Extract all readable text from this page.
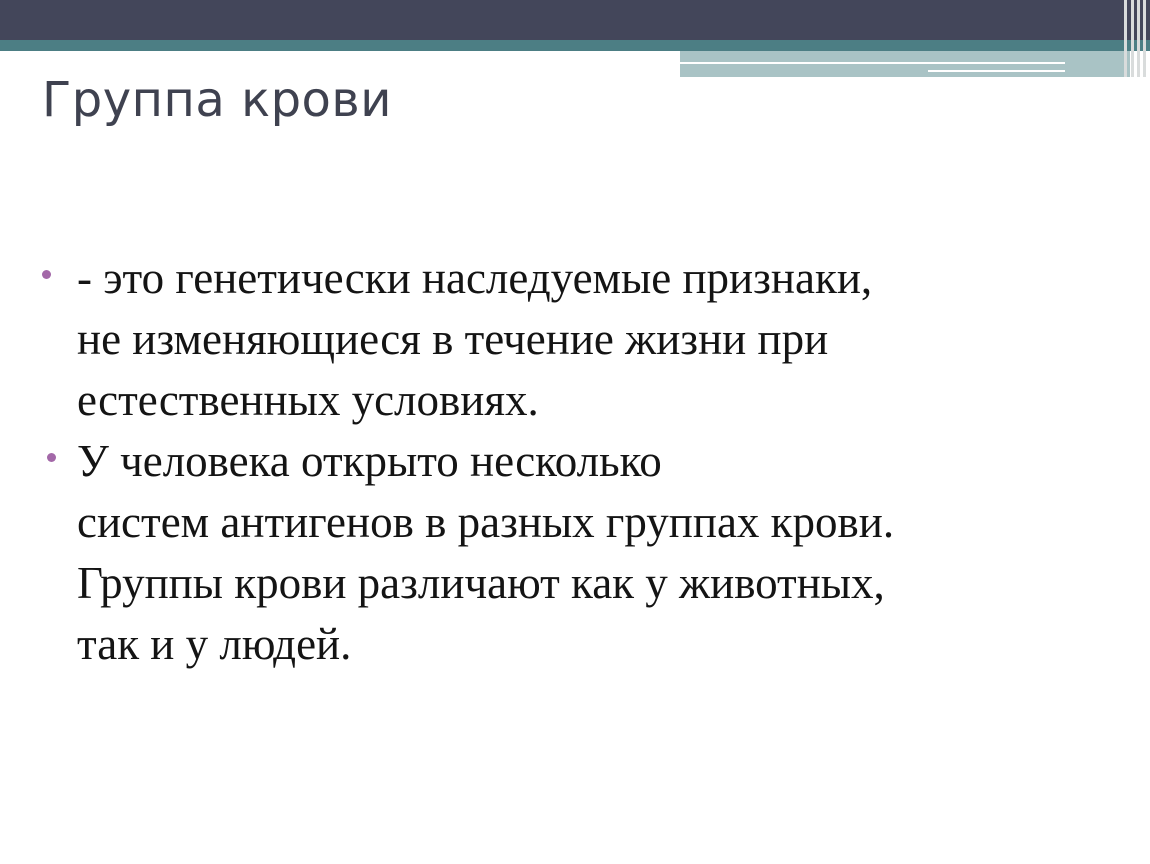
Группа крови
- это генетически наследуемые признаки,
не изменяющиеся в течение жизни при
естественных условиях.
У человека открыто несколько
систем антигенов в разных группах крови.
Группы крови различают как у животных,
так и у людей.
